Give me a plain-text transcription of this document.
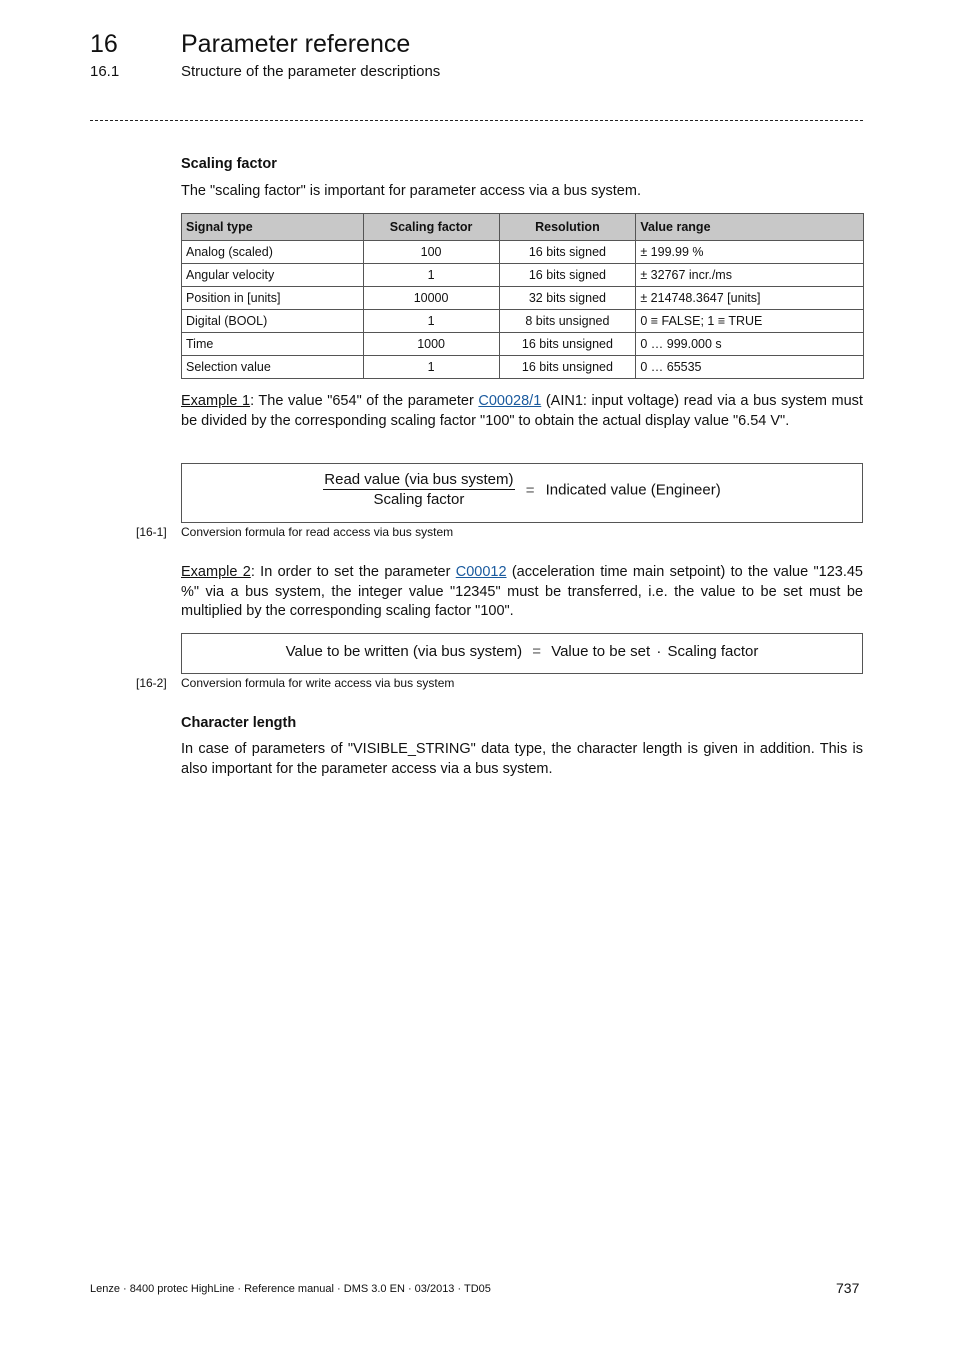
16	Parameter reference
16.1	Structure of the parameter descriptions
Scaling factor
The "scaling factor" is important for parameter access via a bus system.
Signal type	Scaling factor	Resolution	Value range
Analog (scaled)	100	16 bits signed	± 199.99 %
Angular velocity	1	16 bits signed	± 32767 incr./ms
Position in [units]	10000	32 bits signed	± 214748.3647 [units]
Digital (BOOL)	1	8 bits unsigned	0 ≡ FALSE; 1 ≡ TRUE
Time	1000	16 bits unsigned	0 … 999.000 s
Selection value	1	16 bits unsigned	0 … 65535
Example 1: The value "654" of the parameter C00028/1 (AIN1: input voltage) read via a bus system must be divided by the corresponding scaling factor "100" to obtain the actual display value "6.54 V".
$\frac{\text{Read value (via bus system)}}{\text{Scaling factor}}$ = Indicated value (Engineer)
[16-1] Conversion formula for read access via bus system
Example 2: In order to set the parameter C00012 (acceleration time main setpoint) to the value "123.45 %" via a bus system, the integer value "12345" must be transferred, i.e. the value to be set must be multiplied by the corresponding scaling factor "100".
Value to be written (via bus system) = Value to be set · Scaling factor
[16-2] Conversion formula for write access via bus system
Character length
In case of parameters of "VISIBLE_STRING" data type, the character length is given in addition. This is also important for the parameter access via a bus system.
Lenze · 8400 protec HighLine · Reference manual · DMS 3.0 EN · 03/2013 · TD05	737
